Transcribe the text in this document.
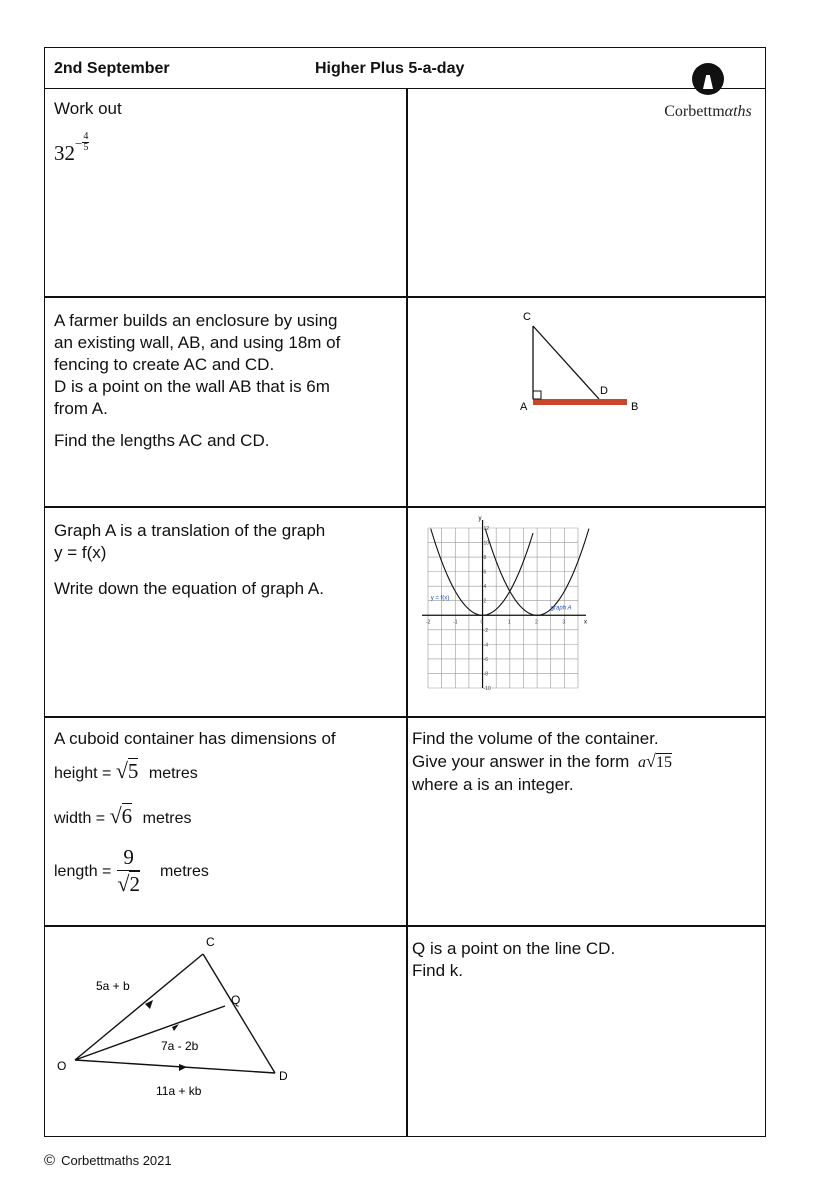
2nd September	Higher Plus 5-a-day

Work out

$32^- \frac{4}{5}$

A farmer builds an enclosure by using

an existing wall, AB, and using 18m of

fencing to create AC and CD.

D is a point on the wall AB that is 6m

from A.

Find the lengths AC and CD.

C
A
D
B

Graph A is a translation of the graph

y = f(x)

Write down the equation of graph A.

y
x
-2	-1	0	1	2	3
12
10
8
6
4
2
-2
-4
-6
-8
-10
y = f(x)
graph A

A cuboid container has dimensions of

height = √5 metres
width = √6 metres
length =
9
√2
metres

Find the volume of the container.

Give your answer in the form a√15

where a is an integer.

C
Q
O
D
5a + b
7a - 2b
11a + kb

Q is a point on the line CD.

Find k.

Corbettmαths
© Corbettmaths 2021
